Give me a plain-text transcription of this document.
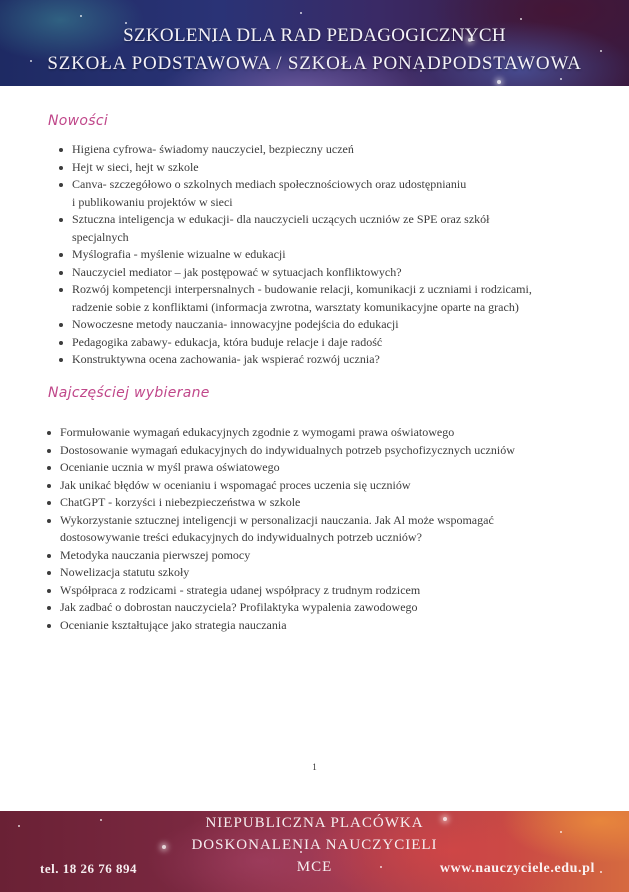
SZKOLENIA DLA RAD PEDAGOGICZNYCH
SZKOŁA PODSTAWOWA / SZKOŁA PONADPODSTAWOWA
Nowości
Higiena cyfrowa- świadomy nauczyciel, bezpieczny uczeń
Hejt w sieci, hejt w szkole
Canva- szczegółowo o szkolnych mediach społecznościowych oraz udostępnianiu
i publikowaniu projektów w sieci
Sztuczna inteligencja w edukacji- dla nauczycieli uczących uczniów ze SPE oraz szkół
specjalnych
Myślografia - myślenie wizualne w edukacji
Nauczyciel mediator – jak postępować w sytuacjach konfliktowych?
Rozwój kompetencji interpersnalnych - budowanie relacji, komunikacji z uczniami i rodzicami,
radzenie sobie z konfliktami (informacja zwrotna, warsztaty komunikacyjne oparte na grach)
Nowoczesne metody nauczania- innowacyjne podejścia do edukacji
Pedagogika zabawy- edukacja, która buduje relacje i daje radość
Konstruktywna ocena zachowania- jak wspierać rozwój ucznia?
Najczęściej wybierane
Formułowanie wymagań edukacyjnych zgodnie z wymogami prawa oświatowego
Dostosowanie wymagań edukacyjnych do indywidualnych potrzeb psychofizycznych uczniów
Ocenianie ucznia w myśl prawa oświatowego
Jak unikać błędów w ocenianiu i wspomagać proces uczenia się uczniów
ChatGPT - korzyści i niebezpieczeństwa w szkole
Wykorzystanie sztucznej inteligencji w personalizacji nauczania. Jak Al może wspomagać
dostosowywanie treści edukacyjnych do indywidualnych potrzeb uczniów?
Metodyka nauczania pierwszej pomocy
Nowelizacja statutu szkoły
Współpraca z rodzicami - strategia udanej współpracy z trudnym rodzicem
Jak zadbać o dobrostan nauczyciela? Profilaktyka wypalenia zawodowego
Ocenianie kształtujące jako strategia nauczania
1
NIEPUBLICZNA PLACÓWKA
DOSKONALENIA NAUCZYCIELI
MCE
tel. 18 26 76 894	www.nauczyciele.edu.pl
